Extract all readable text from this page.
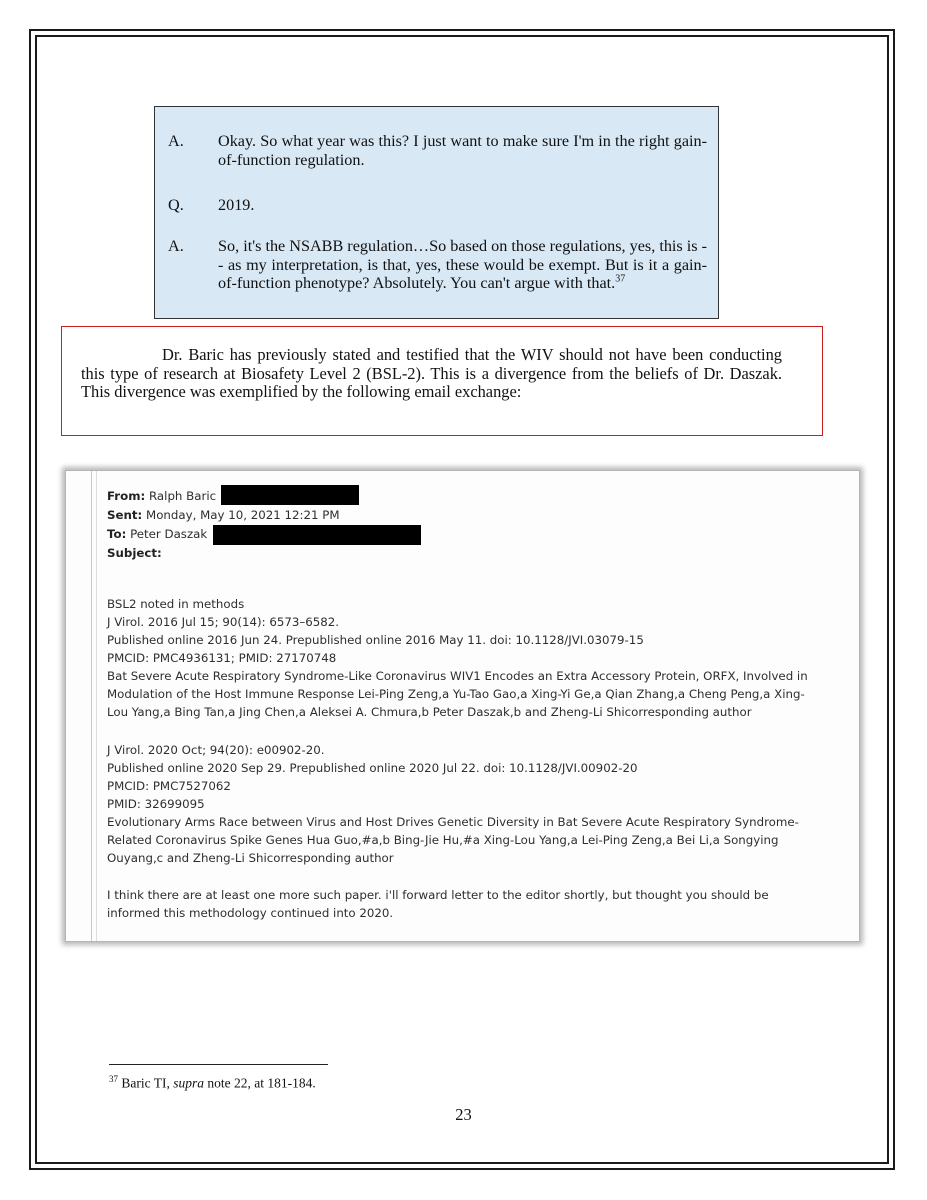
A. Okay. So what year was this? I just want to make sure I'm in the right gain-of-function regulation.
Q. 2019.
A. So, it's the NSABB regulation…So based on those regulations, yes, this is -- as my interpretation, is that, yes, these would be exempt. But is it a gain-of-function phenotype? Absolutely. You can't argue with that.$^{37}$
Dr. Baric has previously stated and testified that the WIV should not have been conducting this type of research at Biosafety Level 2 (BSL-2). This is a divergence from the beliefs of Dr. Daszak. This divergence was exemplified by the following email exchange:
From: Ralph Baric
Sent: Monday, May 10, 2021 12:21 PM
To: Peter Daszak
Subject:
BSL2 noted in methods
J Virol. 2016 Jul 15; 90(14): 6573–6582.
Published online 2016 Jun 24. Prepublished online 2016 May 11. doi: 10.1128/JVI.03079-15
PMCID: PMC4936131; PMID: 27170748
Bat Severe Acute Respiratory Syndrome-Like Coronavirus WIV1 Encodes an Extra Accessory Protein, ORFX, Involved in
Modulation of the Host Immune Response Lei-Ping Zeng,a Yu-Tao Gao,a Xing-Yi Ge,a Qian Zhang,a Cheng Peng,a Xing-
Lou Yang,a Bing Tan,a Jing Chen,a Aleksei A. Chmura,b Peter Daszak,b and Zheng-Li Shicorresponding author
J Virol. 2020 Oct; 94(20): e00902-20.
Published online 2020 Sep 29. Prepublished online 2020 Jul 22. doi: 10.1128/JVI.00902-20
PMCID: PMC7527062
PMID: 32699095
Evolutionary Arms Race between Virus and Host Drives Genetic Diversity in Bat Severe Acute Respiratory Syndrome-
Related Coronavirus Spike Genes Hua Guo,#a,b Bing-Jie Hu,#a Xing-Lou Yang,a Lei-Ping Zeng,a Bei Li,a Songying
Ouyang,c and Zheng-Li Shicorresponding author
I think there are at least one more such paper. i'll forward letter to the editor shortly, but thought you should be
informed this methodology continued into 2020.
$^{37}$ Baric TI, supra note 22, at 181-184.
23
